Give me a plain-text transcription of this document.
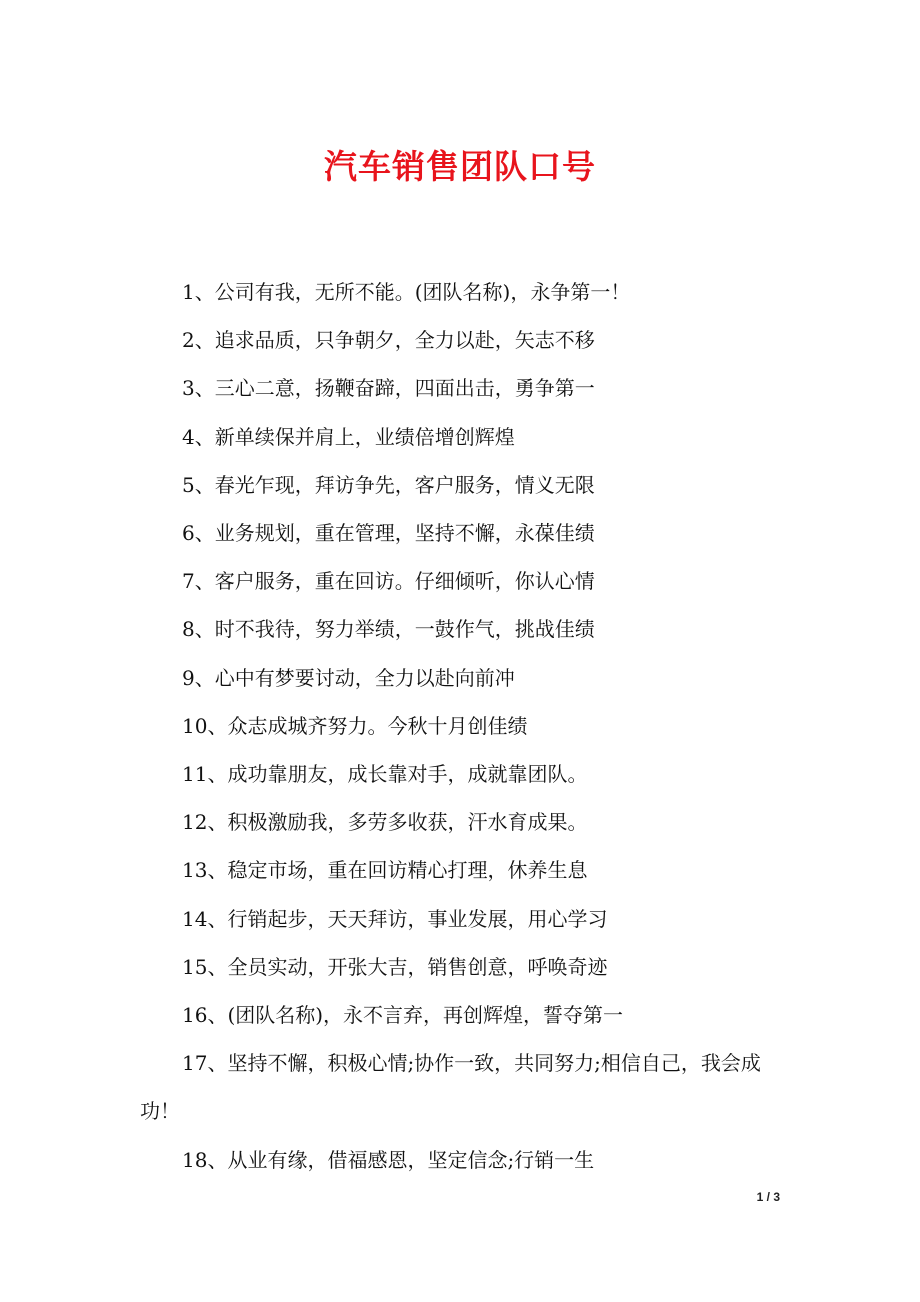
汽车销售团队口号

1、公司有我，无所不能。(团队名称)，永争第一！

2、追求品质，只争朝夕，全力以赴，矢志不移

3、三心二意，扬鞭奋蹄，四面出击，勇争第一

4、新单续保并肩上，业绩倍增创辉煌

5、春光乍现，拜访争先，客户服务，情义无限

6、业务规划，重在管理，坚持不懈，永葆佳绩

7、客户服务，重在回访。仔细倾听，你认心情

8、时不我待，努力举绩，一鼓作气，挑战佳绩

9、心中有梦要讨动，全力以赴向前冲

10、众志成城齐努力。今秋十月创佳绩

11、成功靠朋友，成长靠对手，成就靠团队。

12、积极激励我，多劳多收获，汗水育成果。

13、稳定市场，重在回访精心打理，休养生息

14、行销起步，天天拜访，事业发展，用心学习

15、全员实动，开张大吉，销售创意，呼唤奇迹

16、(团队名称)，永不言弃，再创辉煌，誓夺第一

17、坚持不懈，积极心情;协作一致，共同努力;相信自己，我会成功！

18、从业有缘，借福感恩，坚定信念;行销一生

1 / 3
